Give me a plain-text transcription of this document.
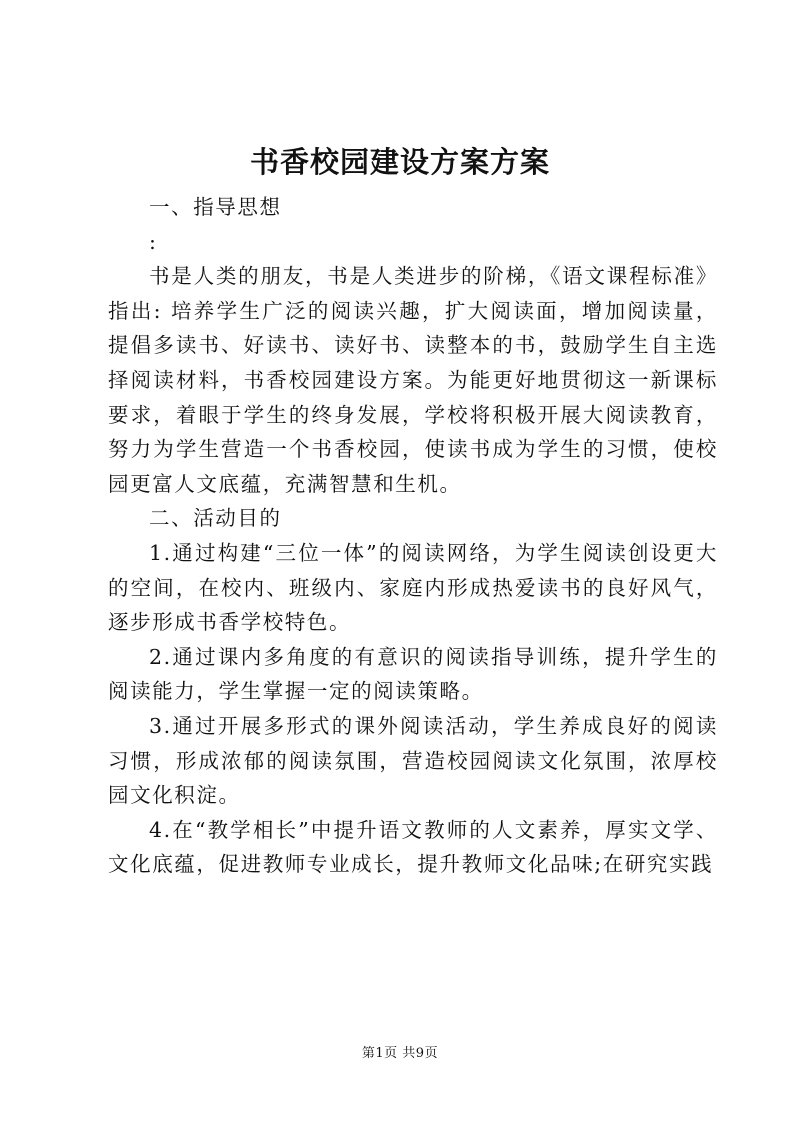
书香校园建设方案方案

一、指导思想

:

书是人类的朋友，书是人类进步的阶梯，《语文课程标准》指出: 培养学生广泛的阅读兴趣，扩大阅读面，增加阅读量，提倡多读书、好读书、读好书、读整本的书，鼓励学生自主选择阅读材料，书香校园建设方案。为能更好地贯彻这一新课标要求，着眼于学生的终身发展，学校将积极开展大阅读教育，努力为学生营造一个书香校园，使读书成为学生的习惯，使校园更富人文底蕴，充满智慧和生机。

二、活动目的

1.通过构建“三位一体”的阅读网络，为学生阅读创设更大的空间，在校内、班级内、家庭内形成热爱读书的良好风气，逐步形成书香学校特色。

2.通过课内多角度的有意识的阅读指导训练，提升学生的阅读能力，学生掌握一定的阅读策略。

3.通过开展多形式的课外阅读活动，学生养成良好的阅读习惯，形成浓郁的阅读氛围，营造校园阅读文化氛围，浓厚校园文化积淀。

4.在“教学相长”中提升语文教师的人文素养，厚实文学、文化底蕴，促进教师专业成长，提升教师文化品味;在研究实践

第1页 共9页
